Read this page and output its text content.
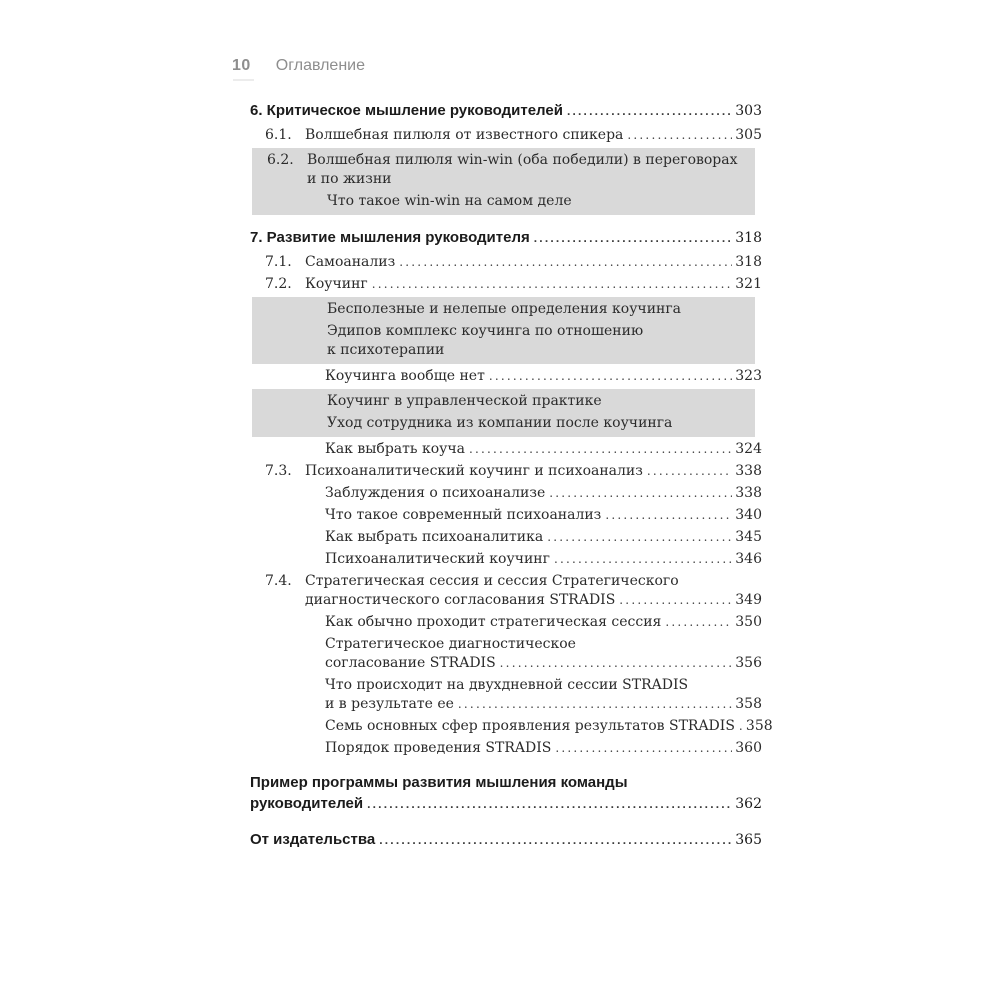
10 Оглавление
6. Критическое мышление руководителей .....	303
6.1. Волшебная пилюля от известного спикера .....	305
6.2. Волшебная пилюля win-win (оба победили) в переговорах
и по жизни
Что такое win-win на самом деле
7. Развитие мышления руководителя .....	318
7.1. Самоанализ .....	318
7.2. Коучинг .....	321
Бесполезные и нелепые определения коучинга
Эдипов комплекс коучинга по отношению
к психотерапии
Коучинга вообще нет .....	323
Коучинг в управленческой практике
Уход сотрудника из компании после коучинга
Как выбрать коуча .....	324
7.3. Психоаналитический коучинг и психоанализ .....	338
Заблуждения о психоанализе .....	338
Что такое современный психоанализ .....	340
Как выбрать психоаналитика .....	345
Психоаналитический коучинг .....	346
7.4. Стратегическая сессия и сессия Стратегического
диагностического согласования STRADIS .....	349
Как обычно проходит стратегическая сессия .....	350
Стратегическое диагностическое
согласование STRADIS .....	356
Что происходит на двухдневной сессии STRADIS
и в результате ее .....	358
Семь основных сфер проявления результатов STRADIS ..... 358
Порядок проведения STRADIS .....	360
Пример программы развития мышления команды
руководителей .....	362
От издательства .....	365
